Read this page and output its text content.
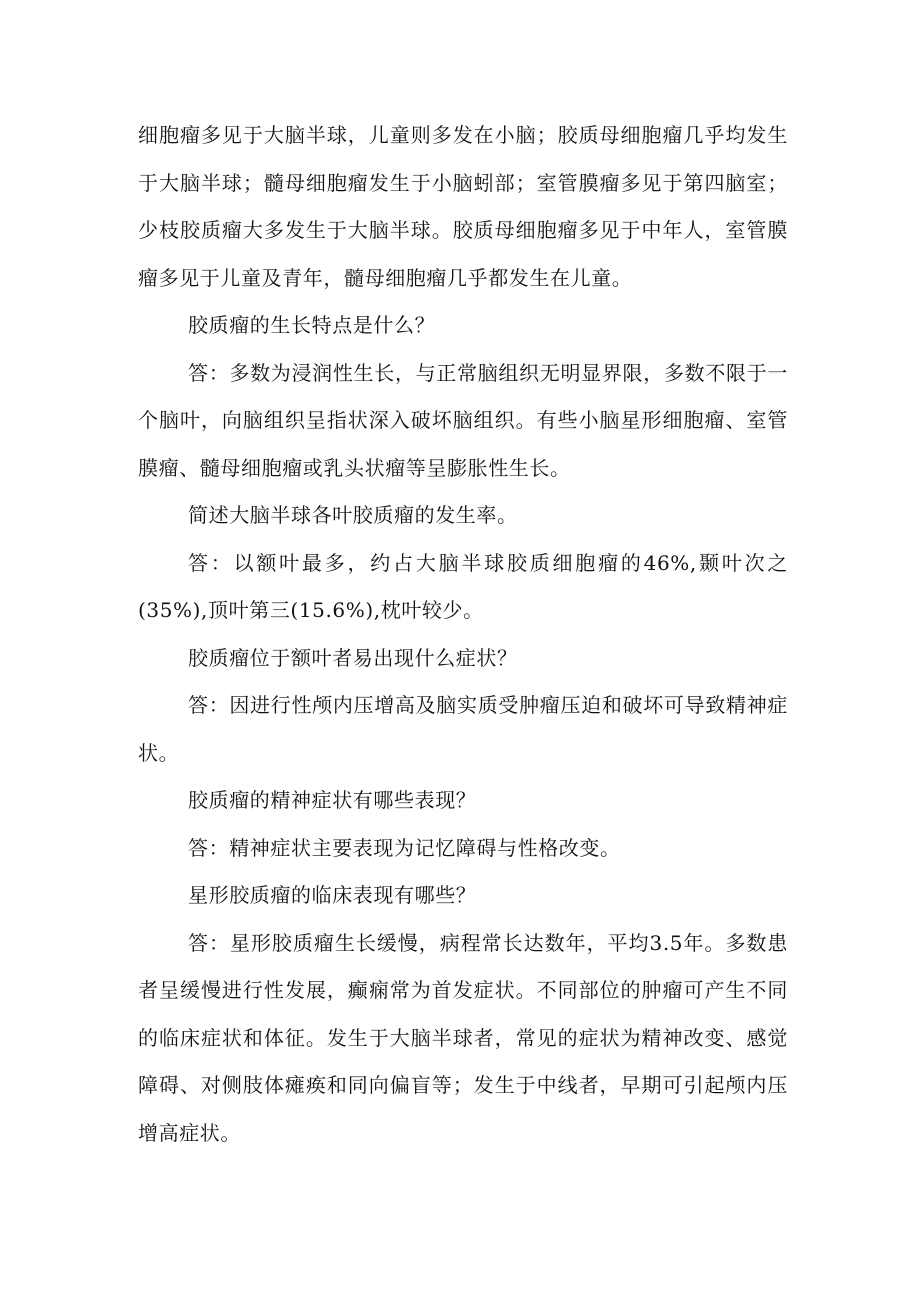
细胞瘤多见于大脑半球，儿童则多发在小脑；胶质母细胞瘤几乎均发生于大脑半球；髓母细胞瘤发生于小脑蚓部；室管膜瘤多见于第四脑室；少枝胶质瘤大多发生于大脑半球。胶质母细胞瘤多见于中年人，室管膜瘤多见于儿童及青年，髓母细胞瘤几乎都发生在儿童。

胶质瘤的生长特点是什么？

答：多数为浸润性生长，与正常脑组织无明显界限，多数不限于一个脑叶，向脑组织呈指状深入破坏脑组织。有些小脑星形细胞瘤、室管膜瘤、髓母细胞瘤或乳头状瘤等呈膨胀性生长。

简述大脑半球各叶胶质瘤的发生率。

答：以额叶最多，约占大脑半球胶质细胞瘤的46%,颞叶次之(35%),顶叶第三(15.6%),枕叶较少。

胶质瘤位于额叶者易出现什么症状？

答：因进行性颅内压增高及脑实质受肿瘤压迫和破坏可导致精神症状。

胶质瘤的精神症状有哪些表现？

答：精神症状主要表现为记忆障碍与性格改变。

星形胶质瘤的临床表现有哪些？

答：星形胶质瘤生长缓慢，病程常长达数年，平均3.5年。多数患者呈缓慢进行性发展，癫痫常为首发症状。不同部位的肿瘤可产生不同的临床症状和体征。发生于大脑半球者，常见的症状为精神改变、感觉障碍、对侧肢体瘫痪和同向偏盲等；发生于中线者，早期可引起颅内压增高症状。
